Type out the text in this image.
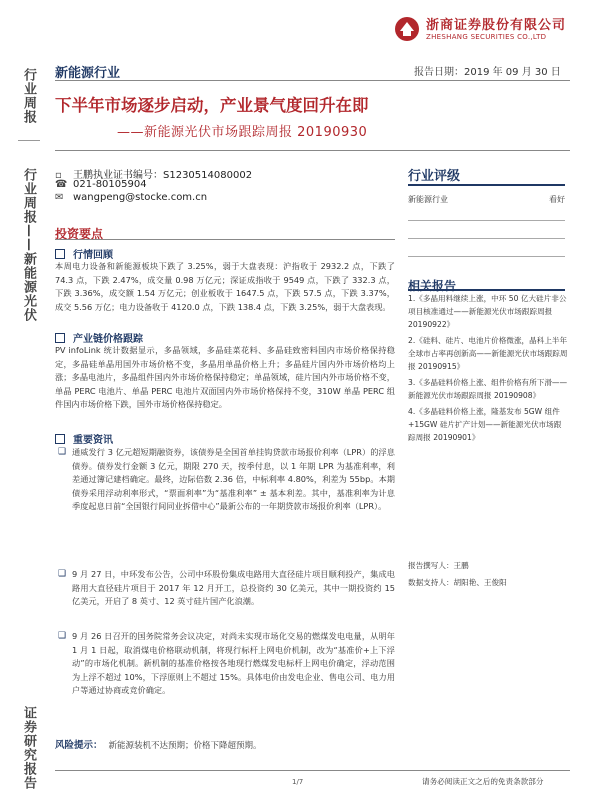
浙商证券股份有限公司
ZHESHANG SECURITIES CO.,LTD
行业周报
行业周报——新能源光伏
证券研究报告
新能源行业	报告日期：2019 年 09 月 30 日
下半年市场逐步启动，产业景气度回升在即
——新能源光伏市场跟踪周报 20190930
▫ 王鹏执业证书编号：S1230514080002
☎ 021-80105904
✉ wangpeng@stocke.com.cn
行业评级
新能源行业	看好
相关报告
1.《多晶用料继续上涨，中环 50 亿大硅片非公项目核准通过——新能源光伏市场跟踪周报 20190922》
2.《硅料、硅片、电池片价格微涨，晶科上半年全球市占率再创新高——新能源光伏市场跟踪周报 20190915》
3.《多晶硅料价格上涨、组件价格有所下滑——新能源光伏市场跟踪周报 20190908》
4.《多晶硅料价格上涨，隆基发布 5GW 组件+15GW 硅片扩产计划——新能源光伏市场跟踪周报 20190901》
报告撰写人：王鹏
数据支持人：胡阳艳、王俊阳
投资要点
行情回顾
本周电力设备和新能源板块下跌了 3.25%，弱于大盘表现：沪指收于 2932.2 点，下跌了 74.3 点，下跌 2.47%，成交量 0.98 万亿元；深证成指收于 9549 点，下跌了 332.3 点，下跌 3.36%，成交额 1.54 万亿元；创业板收于 1647.5 点，下跌 57.5 点，下跌 3.37%，成交 5.56 万亿；电力设备收于 4120.0 点，下跌 138.4 点，下跌 3.25%，弱于大盘表现。
产业链价格跟踪
PV infoLink 统计数据显示，多晶领域，多晶硅菜花料、多晶硅致密料国内市场价格保持稳定，多晶硅单晶用国外市场价格不变，多晶用单晶价格上升；多晶硅片国内外市场价格均上涨；多晶电池片，多晶组件国内外市场价格保持稳定；单晶领域，硅片国内外市场价格不变，单晶 PERC 电池片、单晶 PERC 电池片双面国内外市场价格保持不变，310W 单晶 PERC 组件国内市场价格下跌，国外市场价格保持稳定。
重要资讯
❑ 通威发行 3 亿元超短期融资券，该债券是全国首单挂钩贷款市场报价利率（LPR）的浮息债券。债券发行金额 3 亿元，期限 270 天，按季付息，以 1 年期 LPR 为基准利率，利差通过簿记建档确定。最终，边际倍数 2.36 倍，中标利率 4.80%，利差为 55bp。本期债券采用浮动利率形式，“票面利率”为“基准利率” ± 基本利差。其中，基准利率为计息季度起息日前“全国银行间同业拆借中心”最新公布的一年期贷款市场报价利率（LPR）。
❑ 9 月 27 日，中环发布公告，公司中环股份集成电路用大直径硅片项目顺利投产，集成电路用大直径硅片项目于 2017 年 12 月开工，总投资约 30 亿美元，其中一期投资约 15 亿美元，开启了 8 英寸、12 英寸硅片国产化浪潮。
❑ 9 月 26 日召开的国务院常务会议决定，对尚未实现市场化交易的燃煤发电电量，从明年 1 月 1 日起，取消煤电价格联动机制，将现行标杆上网电价机制，改为“基准价+上下浮动”的市场化机制。新机制的基准价格按各地现行燃煤发电标杆上网电价确定，浮动范围为上浮不超过 10%，下浮原则上不超过 15%。具体电价由发电企业、售电公司、电力用户等通过协商或竞价确定。
风险提示： 新能源装机不达预期；价格下降超预期。
1/7	请务必阅读正文之后的免责条款部分
